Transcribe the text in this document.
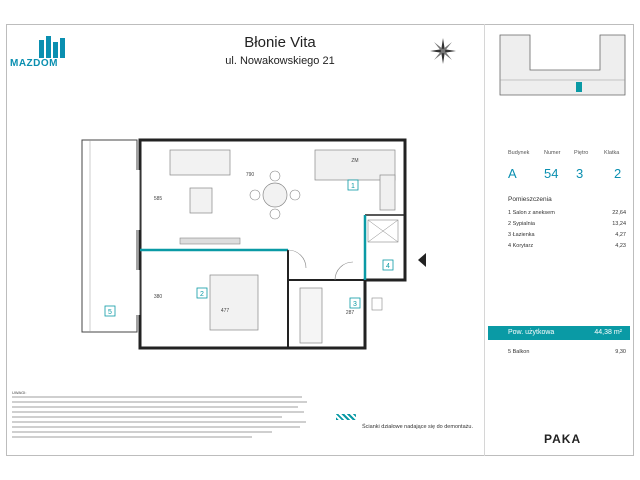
MAZDOM
Błonie Vita
ul. Nowakowskiego 21
1
2
3
4
5
790
477	287
585
380
ZM
Budynek	Numer Piętro	Klatka
A 54 3 2
Pomieszczenia
1 Salon z aneksem	22,64
2 Sypialnia	13,24
3 Łazienka	4,27
4 Korytarz	4,23
Pow. użytkowa	44,38 m²
5 Balkon	9,30
UWAGI:
Ścianki działowe nadające się do demontażu.
PAKA
